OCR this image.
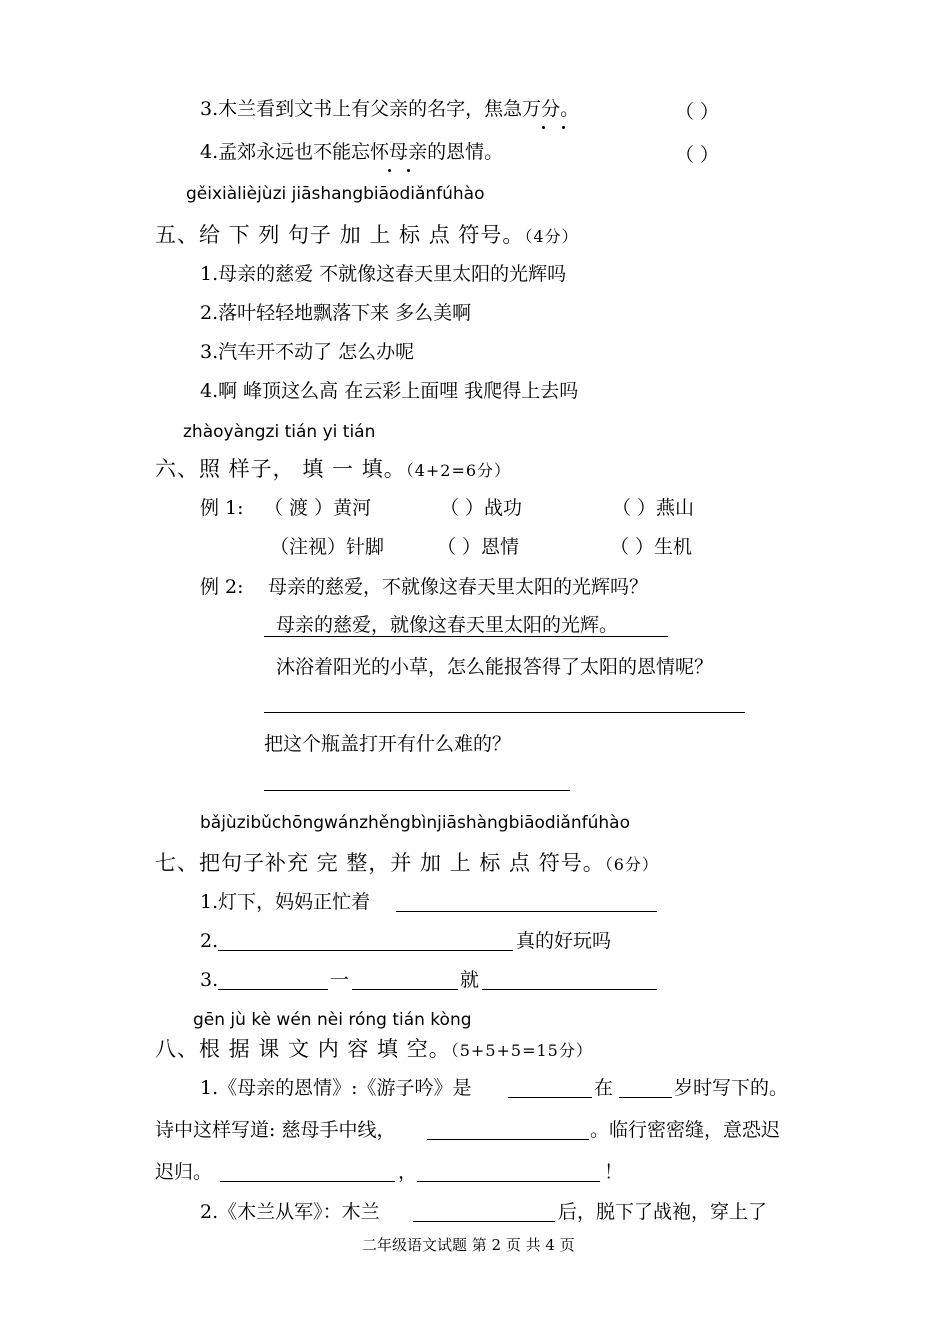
3.木兰看到文书上有父亲的名字，焦急万分。	（ ）
4.孟郊永远也不能忘怀母亲的恩情。	（ ）
gěixiàlièjùzi jiāshangbiāodiǎnfúhào
五、给 下 列 句子 加 上 标 点 符号。（4分）
1.母亲的慈爱 不就像这春天里太阳的光辉吗
2.落叶轻轻地飘落下来 多么美啊
3.汽车开不动了 怎么办呢
4.啊 峰顶这么高 在云彩上面哩 我爬得上去吗
zhàoyàngzi tián yi tián
六、照 样子， 填 一 填。（4+2=6分）
例 1: （ 渡 ）黄河	（ ）战功	（ ）燕山
（注视）针脚	（ ）恩情	（ ）生机
例 2: 母亲的慈爱，不就像这春天里太阳的光辉吗？
母亲的慈爱，就像这春天里太阳的光辉。
沐浴着阳光的小草，怎么能报答得了太阳的恩情呢？
把这个瓶盖打开有什么难的？
bǎjùzibǔchōngwánzhěngbìnjiāshàngbiāodiǎnfúhào
七、把句子补充 完 整，并 加 上 标 点 符号。（6分）
1.灯下，妈妈正忙着
2.	真的好玩吗
3.	一	就
gēn jù kè wén nèi róng tián kòng
八、根 据 课 文 内 容 填 空。（5+5+5=15分）
1.《母亲的恩情》:《游子吟》是	在	岁时写下的。
诗中这样写道: 慈母手中线，	。临行密密缝，意恐迟
迟归。	，	！
2.《木兰从军》：木兰	后，脱下了战袍，穿上了
二年级语文试题 第 2 页 共 4 页
